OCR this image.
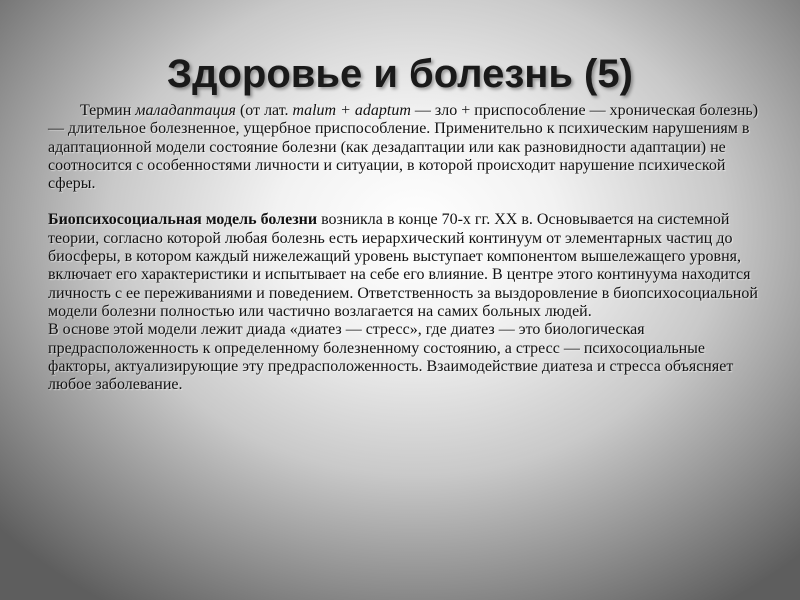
Здоровье и болезнь (5)

Термин маладаптация (от лат. malum + adaptum — зло + приспособление — хроническая болезнь) — длительное болезненное, ущербное приспособление. Применительно к психическим нарушениям в адаптационной модели состояние болезни (как дезадаптации или как разновидности адаптации) не соотносится с особенностями личности и ситуации, в которой происходит нарушение психической сферы.

Биопсихосоциальная модель болезни возникла в конце 70-х гг. XX в. Основывается на системной теории, согласно которой любая болезнь есть иерархический континуум от элементарных частиц до биосферы, в котором каждый нижележащий уровень выступает компонентом вышележащего уровня, включает его характеристики и испытывает на себе его влияние. В центре этого континуума находится личность с ее переживаниями и поведением. Ответственность за выздоровление в биопсихосоциальной модели болезни полностью или частично возлагается на самих больных людей.

В основе этой модели лежит диада «диатез — стресс», где диатез — это биологическая предрасположенность к определенному болезненному состоянию, а стресс — психосоциальные факторы, актуализирующие эту предрасположенность. Взаимодействие диатеза и стресса объясняет любое заболевание.
